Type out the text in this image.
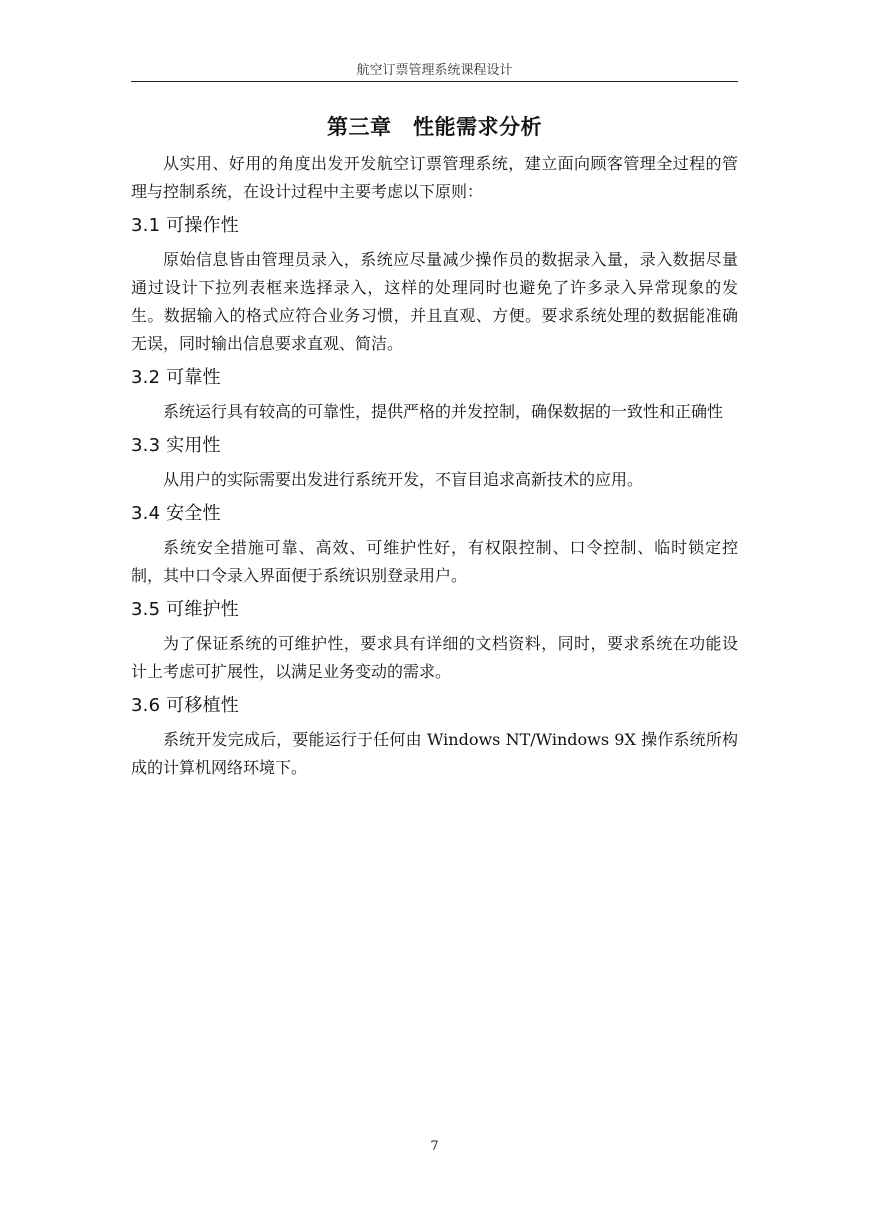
航空订票管理系统课程设计
第三章　性能需求分析

从实用、好用的角度出发开发航空订票管理系统，建立面向顾客管理全过程的管理与控制系统，在设计过程中主要考虑以下原则：

3.1 可操作性

原始信息皆由管理员录入，系统应尽量减少操作员的数据录入量，录入数据尽量通过设计下拉列表框来选择录入，这样的处理同时也避免了许多录入异常现象的发生。数据输入的格式应符合业务习惯，并且直观、方便。要求系统处理的数据能准确无误，同时输出信息要求直观、简洁。

3.2 可靠性

系统运行具有较高的可靠性，提供严格的并发控制，确保数据的一致性和正确性

3.3 实用性

从用户的实际需要出发进行系统开发，不盲目追求高新技术的应用。

3.4 安全性

系统安全措施可靠、高效、可维护性好，有权限控制、口令控制、临时锁定控制，其中口令录入界面便于系统识别登录用户。

3.5 可维护性

为了保证系统的可维护性，要求具有详细的文档资料，同时，要求系统在功能设计上考虑可扩展性，以满足业务变动的需求。

3.6 可移植性

系统开发完成后，要能运行于任何由 Windows NT/Windows 9X 操作系统所构成的计算机网络环境下。

7
